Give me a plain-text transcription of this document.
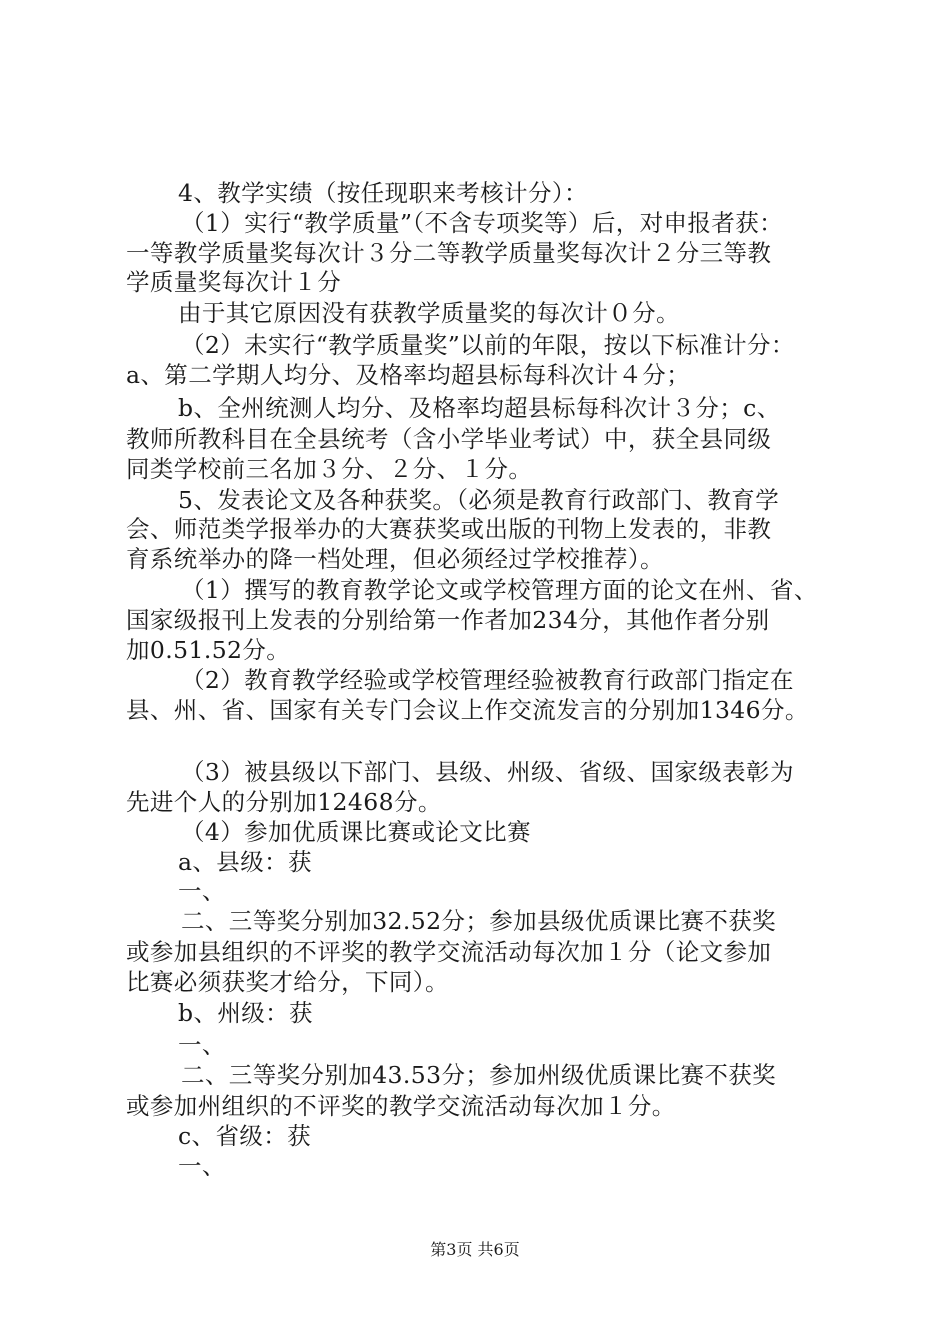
4、教学实绩（按任现职来考核计分）：
（1）实行“教学质量”（不含专项奖等）后，对申报者获：
一等教学质量奖每次计３分二等教学质量奖每次计２分三等教
学质量奖每次计１分
由于其它原因没有获教学质量奖的每次计０分。
（2）未实行“教学质量奖”以前的年限，按以下标准计分：
a、第二学期人均分、及格率均超县标每科次计４分；
b、全州统测人均分、及格率均超县标每科次计３分；c、
教师所教科目在全县统考（含小学毕业考试）中，获全县同级
同类学校前三名加３分、２分、１分。
5、发表论文及各种获奖。（必须是教育行政部门、教育学
会、师范类学报举办的大赛获奖或出版的刊物上发表的，非教
育系统举办的降一档处理，但必须经过学校推荐）。
（1）撰写的教育教学论文或学校管理方面的论文在州、省、
国家级报刊上发表的分别给第一作者加234分，其他作者分别
加0.51.52分。
（2）教育教学经验或学校管理经验被教育行政部门指定在
县、州、省、国家有关专门会议上作交流发言的分别加1346分。
（3）被县级以下部门、县级、州级、省级、国家级表彰为
先进个人的分别加12468分。
（4）参加优质课比赛或论文比赛
a、县级：获
一、
二、三等奖分别加32.52分；参加县级优质课比赛不获奖
或参加县组织的不评奖的教学交流活动每次加１分（论文参加
比赛必须获奖才给分，下同）。
b、州级：获
一、
二、三等奖分别加43.53分；参加州级优质课比赛不获奖
或参加州组织的不评奖的教学交流活动每次加１分。
c、省级：获
一、
第3页 共6页
